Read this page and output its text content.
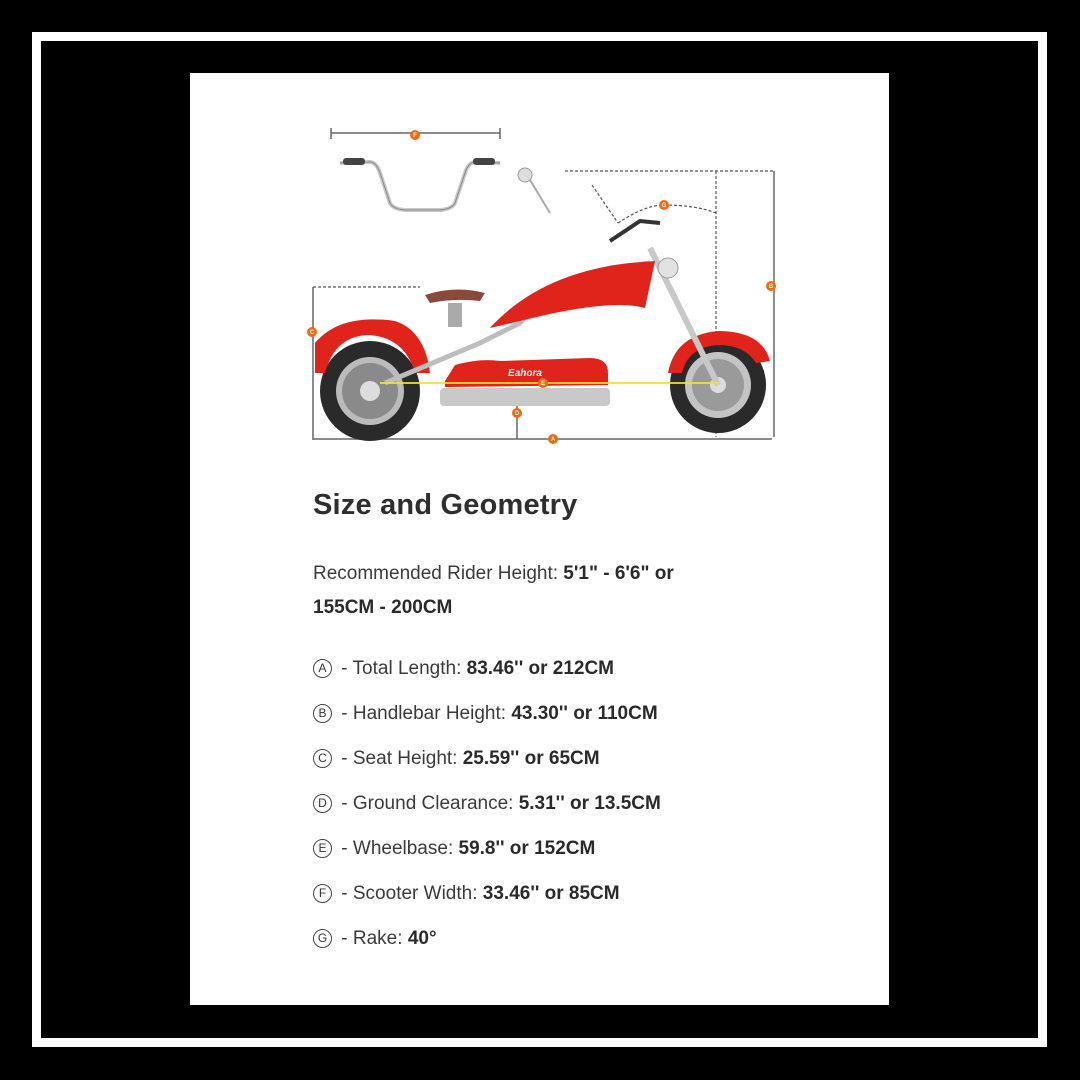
F
B
G
C
A
Eahora
E
D
Size and Geometry
Recommended Rider Height: 5'1" - 6'6" or
155CM - 200CM
A - Total Length: 83.46'' or 212CM
B - Handlebar Height: 43.30'' or 110CM
C - Seat Height: 25.59'' or 65CM
D - Ground Clearance: 5.31'' or 13.5CM
E - Wheelbase: 59.8'' or 152CM
F - Scooter Width: 33.46'' or 85CM
G - Rake: 40°
